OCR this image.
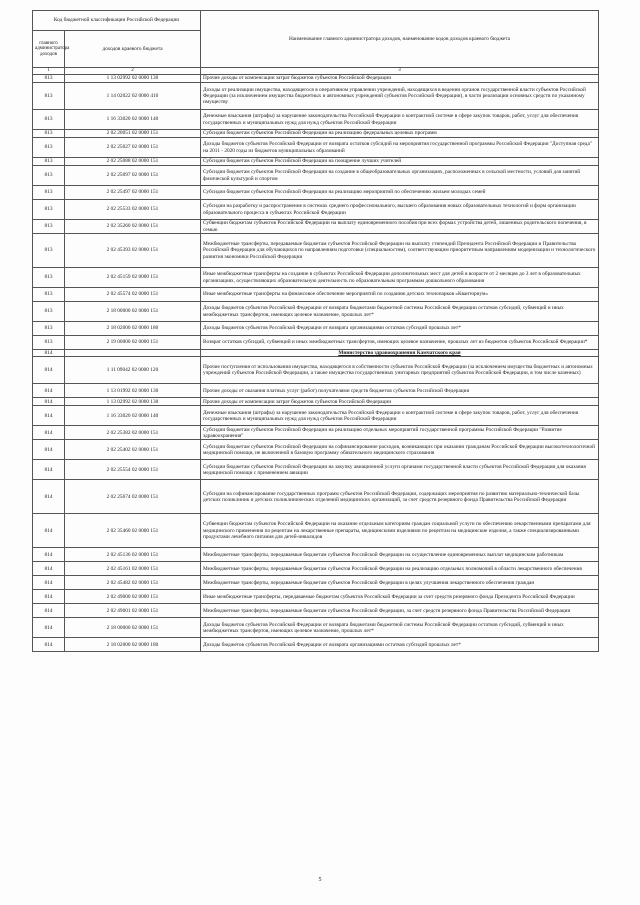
Код бюджетной классификации Российской Федерации		Наименование главного администратора доходов, наименование кодов доходов краевого бюджета
главного администратора доходов	доходов краевого бюджета	
1	2	3
813	1 13 02992 02 0000 130	Прочие доходы от компенсации затрат бюджетов субъектов Российской Федерации
813	1 14 02022 02 0000 410	Доходы от реализации имущества, находящегося в оперативном управлении учреждений, находящихся в ведении органов государственной власти субъектов Российской Федерации (за исключением имущества бюджетных и автономных учреждений субъектов Российской Федерации), в части реализации основных средств по указанному имуществу
813	1 16 33020 02 0000 140	Денежные взыскания (штрафы) за нарушение законодательства Российской Федерации о контрактной системе в сфере закупок товаров, работ, услуг для обеспечения государственных и муниципальных нужд для нужд субъектов Российской Федерации
813	2 02 20051 02 0000 151	Субсидии бюджетам субъектов Российской Федерации на реализацию федеральных целевых программ
813	2 02 25027 02 0000 151	Доходы бюджетов субъектов Российской Федерации от возврата остатков субсидий на мероприятия государственной программы Российской Федерации "Доступная среда" на 2011 - 2020 годы из бюджетов муниципальных образований
813	2 02 25088 02 0000 151	Субсидии бюджетам субъектов Российской Федерации на поощрение лучших учителей
813	2 02 25097 02 0000 151	Субсидии бюджетам субъектов Российской Федерации на создание в общеобразовательных организациях, расположенных в сельской местности, условий для занятий физической культурой и спортом
813	2 02 25497 02 0000 151	Субсидии бюджетам субъектов Российской Федерации на реализацию мероприятий по обеспечению жильем молодых семей
813	2 02 25533 02 0000 151	Субсидии на разработку и распространение в системах среднего профессионального, высшего образования новых образовательных технологий и форм организации образовательного процесса в субъектах Российской Федерации
813	2 02 35260 02 0000 151	Субвенции бюджетам субъектов Российской Федерации на выплату единовременного пособия при всех формах устройства детей, лишенных родительского попечения, в семью
813	2 02 45393 02 0000 151	Межбюджетные трансферты, передаваемые бюджетам субъектов Российской Федерации на выплату стипендий Президента Российской Федерации и Правительства Российской Федерации для обучающихся по направлениям подготовки (специальностям), соответствующим приоритетным направлениям модернизации и технологического развития экономики Российской Федерации
813	2 02 45159 02 0000 151	Иные межбюджетные трансферты на создание в субъектах Российской Федерации дополнительных мест для детей в возрасте от 2 месяцев до 3 лет в образовательных организациях, осуществляющих образовательную деятельность по образовательным программам дошкольного образования
813	2 02 45574 02 0000 151	Иные межбюджетные трансферты на финансовое обеспечение мероприятий по созданию детских технопарков «Кванториум»
813	2 18 00000 02 0000 151	Доходы бюджетов субъектов Российской Федерации от возврата бюджетами бюджетной системы Российской Федерации остатков субсидий, субвенций и иных межбюджетных трансфертов, имеющих целевое назначение, прошлых лет*
813	2 18 02000 02 0000 180	Доходы бюджетов субъектов Российской Федерации от возврата организациями остатков субсидий прошлых лет*
813	2 19 00000 02 0000 151	Возврат остатков субсидий, субвенций и иных межбюджетных трансфертов, имеющих целевое назначение, прошлых лет из бюджетов субъектов Российской Федерации*
814		Министерство здравоохранения Камчатского края
814	1 11 09042 02 0000 120	Прочие поступления от использования имущества, находящегося в собственности субъектов Российской Федерации (за исключением имущества бюджетных и автономных учреждений субъектов Российской Федерации, а также имущества государственных унитарных предприятий субъектов Российской Федерации, в том числе казенных)
814	1 13 01992 02 0000 130	Прочие доходы от оказания платных услуг (работ) получателями средств бюджетов субъектов Российской Федерации
814	1 13 02992 02 0000 130	Прочие доходы от компенсации затрат бюджетов субъектов Российской Федерации
814	1 16 33020 02 0000 140	Денежные взыскания (штрафы) за нарушение законодательства Российской Федерации о контрактной системе в сфере закупок товаров, работ, услуг для обеспечения государственных и муниципальных нужд для нужд субъектов Российской Федерации
814	2 02 25382 02 0000 151	Субсидии бюджетам субъектов Российской Федерации на реализацию отдельных мероприятий государственной программы Российской Федерации "Развитие здравоохранения"
814	2 02 25402 02 0000 151	Субсидии бюджетам субъектов Российской Федерации на софинансирование расходов, возникающих при оказании гражданам Российской Федерации высокотехнологичной медицинской помощи, не включенной в базовую программу обязательного медицинского страхования
814	2 02 25554 02 0000 151	Субсидии бюджетам субъектов Российской Федерации на закупку авиационной услуги органами государственной власти субъектов Российской Федерации для оказания медицинской помощи с применением авиации
814	2 02 25674 02 0000 151	Субсидии на софинансирование государственных программ субъектов Российской Федерации, содержащих мероприятия по развитию материально-технической базы детских поликлиник и детских поликлинических отделений медицинских организаций, за счет средств резервного фонда Правительства Российской Федерации
814	2 02 35460 02 0000 151	Субвенции бюджетам субъектов Российской Федерации на оказание отдельным категориям граждан социальной услуги по обеспечению лекарственными препаратами для медицинского применения по рецептам на лекарственные препараты, медицинскими изделиями по рецептам на медицинские изделия, а также специализированными продуктами лечебного питания для детей-инвалидов
814	2 02 45136 02 0000 151	Межбюджетные трансферты, передаваемые бюджетам субъектов Российской Федерации на осуществление единовременных выплат медицинским работникам
814	2 02 45161 02 0000 151	Межбюджетные трансферты, передаваемые бюджетам субъектов Российской Федерации на реализацию отдельных полномочий в области лекарственного обеспечения
814	2 02 45482 02 0000 151	Межбюджетные трансферты, передаваемые бюджетам субъектов Российской Федерации в целях улучшения лекарственного обеспечения граждан
814	2 02 49000 02 0000 151	Иные межбюджетные трансферты, передаваемые бюджетам субъектов Российской Федерации за счет средств резервного фонда Президента Российской Федерации
814	2 02 49001 02 0000 151	Межбюджетные трансферты, передаваемые бюджетам субъектов Российской Федерации, за счет средств резервного фонда Правительства Российской Федерации
814	2 18 00000 02 0000 151	Доходы бюджетов субъектов Российской Федерации от возврата бюджетами бюджетной системы Российской Федерации остатков субсидий, субвенций и иных межбюджетных трансфертов, имеющих целевое назначение, прошлых лет*
814	2 18 02000 02 0000 180	Доходы бюджетов субъектов Российской Федерации от возврата организациями остатков субсидий прошлых лет*
5
